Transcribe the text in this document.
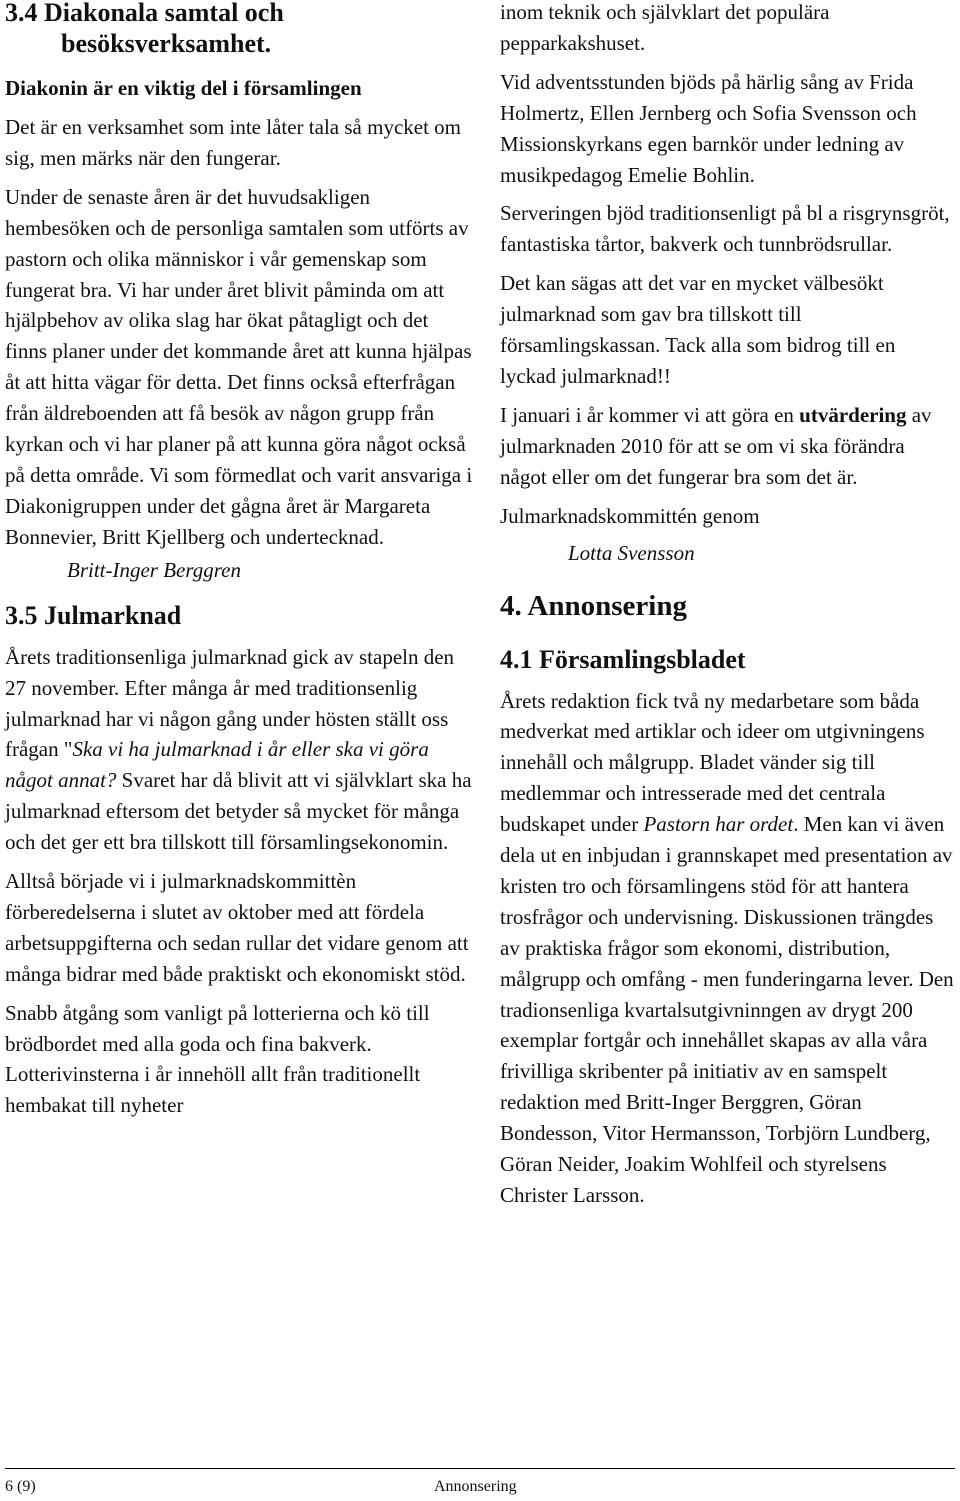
3.4 Diakonala samtal och
besöksverksamhet.
Diakonin är en viktig del i församlingen

Det är en verksamhet som inte låter tala så mycket om sig, men märks när den fungerar.

Under de senaste åren är det huvudsakligen hembesöken och de personliga samtalen som utförts av pastorn och olika människor i vår gemenskap som fungerat bra. Vi har under året blivit påminda om att hjälpbehov av olika slag har ökat påtagligt och det finns planer under det kommande året att kunna hjälpas åt att hitta vägar för detta. Det finns också efterfrågan från äldreboenden att få besök av någon grupp från kyrkan och vi har planer på att kunna göra något också på detta område. Vi som förmedlat och varit ansvariga i Diakonigruppen under det gågna året är Margareta Bonnevier, Britt Kjellberg och undertecknad.

Britt-Inger Berggren
3.5 Julmarknad

Årets traditionsenliga julmarknad gick av stapeln den 27 november. Efter många år med traditionsenlig julmarknad har vi någon gång under hösten ställt oss frågan "Ska vi ha julmarknad i år eller ska vi göra något annat? Svaret har då blivit att vi självklart ska ha julmarknad eftersom det betyder så mycket för många och det ger ett bra tillskott till församlingsekonomin.

Alltså började vi i julmarknadskommittèn förberedelserna i slutet av oktober med att fördela arbetsuppgifterna och sedan rullar det vidare genom att många bidrar med både praktiskt och ekonomiskt stöd.

Snabb åtgång som vanligt på lotterierna och kö till brödbordet med alla goda och fina bakverk. Lotterivinsterna i år innehöll allt från traditionellt hembakat till nyheter

inom teknik och självklart det populära pepparkakshuset.

Vid adventsstunden bjöds på härlig sång av Frida Holmertz, Ellen Jernberg och Sofia Svensson och Missionskyrkans egen barnkör under ledning av musikpedagog Emelie Bohlin.

Serveringen bjöd traditionsenligt på bl a risgrynsgröt, fantastiska tårtor, bakverk och tunnbrödsrullar.

Det kan sägas att det var en mycket välbesökt julmarknad som gav bra tillskott till församlingskassan. Tack alla som bidrog till en lyckad julmarknad!!

I januari i år kommer vi att göra en utvärdering av julmarknaden 2010 för att se om vi ska förändra något eller om det fungerar bra som det är.

Julmarknadskommittén genom

Lotta Svensson
4. Annonsering
4.1 Församlingsbladet

Årets redaktion fick två ny medarbetare som båda medverkat med artiklar och ideer om utgivningens innehåll och målgrupp. Bladet vänder sig till medlemmar och intresserade med det centrala budskapet under Pastorn har ordet. Men kan vi även dela ut en inbjudan i grannskapet med presentation av kristen tro och församlingens stöd för att hantera trosfrågor och undervisning. Diskussionen trängdes av praktiska frågor som ekonomi, distribution, målgrupp och omfång - men funderingarna lever. Den tradionsenliga kvartalsutgivninngen av drygt 200 exemplar fortgår och innehållet skapas av alla våra frivilliga skribenter på initiativ av en samspelt redaktion med Britt-Inger Berggren, Göran Bondesson, Vitor Hermansson, Torbjörn Lundberg, Göran Neider, Joakim Wohlfeil och styrelsens Christer Larsson.

6 (9)	Annonsering
